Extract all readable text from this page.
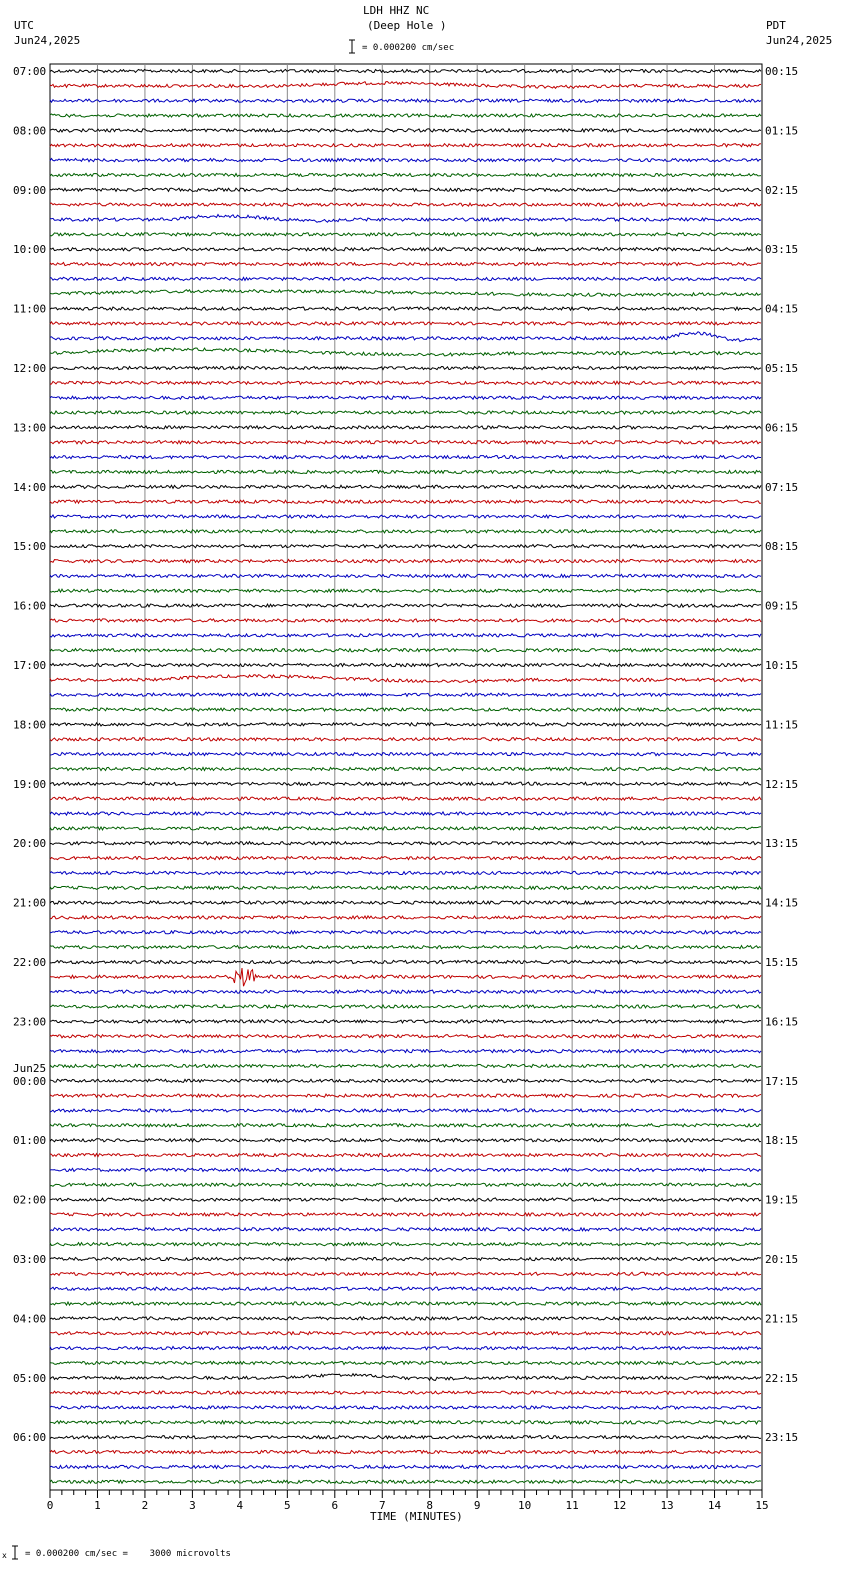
LDH HHZ NC
(Deep Hole )
UTC
Jun24,2025
PDT
Jun24,2025
= 0.000200 cm/sec
TIME (MINUTES)
x = 0.000200 cm/sec =    3000 microvolts
07:00
08:00
09:00
10:00
11:00
12:00
13:00
14:00
15:00
16:00
17:00
18:00
19:00
20:00
21:00
22:00
23:00
00:00
01:00
02:00
03:00
04:00
05:00
06:00
00:15
01:15
02:15
03:15
04:15
05:15
06:15
07:15
08:15
09:15
10:15
11:15
12:15
13:15
14:15
15:15
16:15
17:15
18:15
19:15
20:15
21:15
22:15
23:15
Jun25
0	1	2	3	4	5	6	7	8	9	10	11	12	13	14	15
